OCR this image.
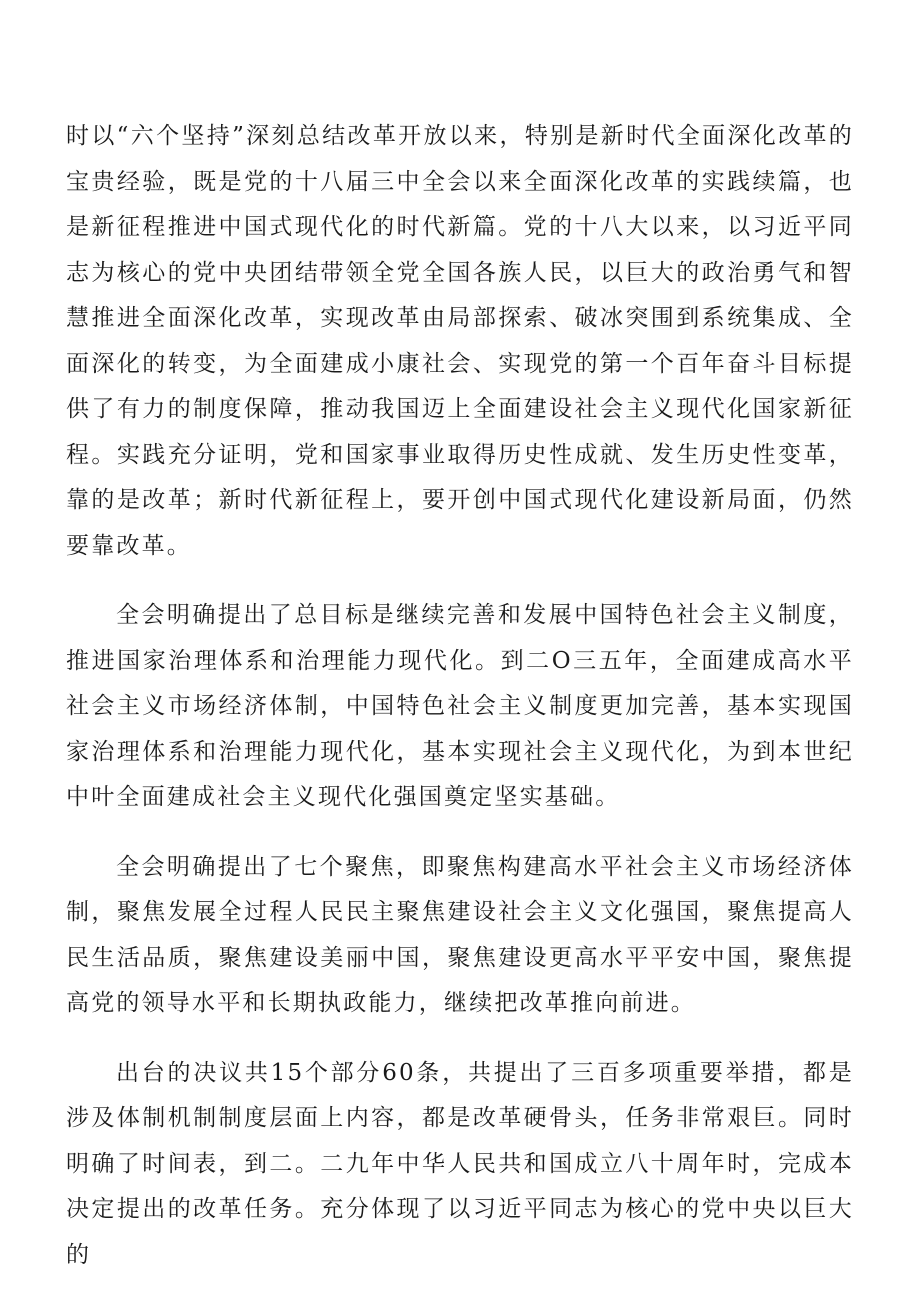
时以“六个坚持”深刻总结改革开放以来，特别是新时代全面深化改革的宝贵经验，既是党的十八届三中全会以来全面深化改革的实践续篇，也是新征程推进中国式现代化的时代新篇。党的十八大以来，以习近平同志为核心的党中央团结带领全党全国各族人民，以巨大的政治勇气和智慧推进全面深化改革，实现改革由局部探索、破冰突围到系统集成、全面深化的转变，为全面建成小康社会、实现党的第一个百年奋斗目标提供了有力的制度保障，推动我国迈上全面建设社会主义现代化国家新征程。实践充分证明，党和国家事业取得历史性成就、发生历史性变革，靠的是改革；新时代新征程上，要开创中国式现代化建设新局面，仍然要靠改革。

全会明确提出了总目标是继续完善和发展中国特色社会主义制度，推进国家治理体系和治理能力现代化。到二O三五年，全面建成高水平社会主义市场经济体制，中国特色社会主义制度更加完善，基本实现国家治理体系和治理能力现代化，基本实现社会主义现代化，为到本世纪中叶全面建成社会主义现代化强国奠定坚实基础。

全会明确提出了七个聚焦，即聚焦构建高水平社会主义市场经济体制，聚焦发展全过程人民民主聚焦建设社会主义文化强国，聚焦提高人民生活品质，聚焦建设美丽中国，聚焦建设更高水平平安中国，聚焦提高党的领导水平和长期执政能力，继续把改革推向前进。

出台的决议共15个部分60条，共提出了三百多项重要举措，都是涉及体制机制制度层面上内容，都是改革硬骨头，任务非常艰巨。同时明确了时间表，到二。二九年中华人民共和国成立八十周年时，完成本决定提出的改革任务。充分体现了以习近平同志为核心的党中央以巨大的
